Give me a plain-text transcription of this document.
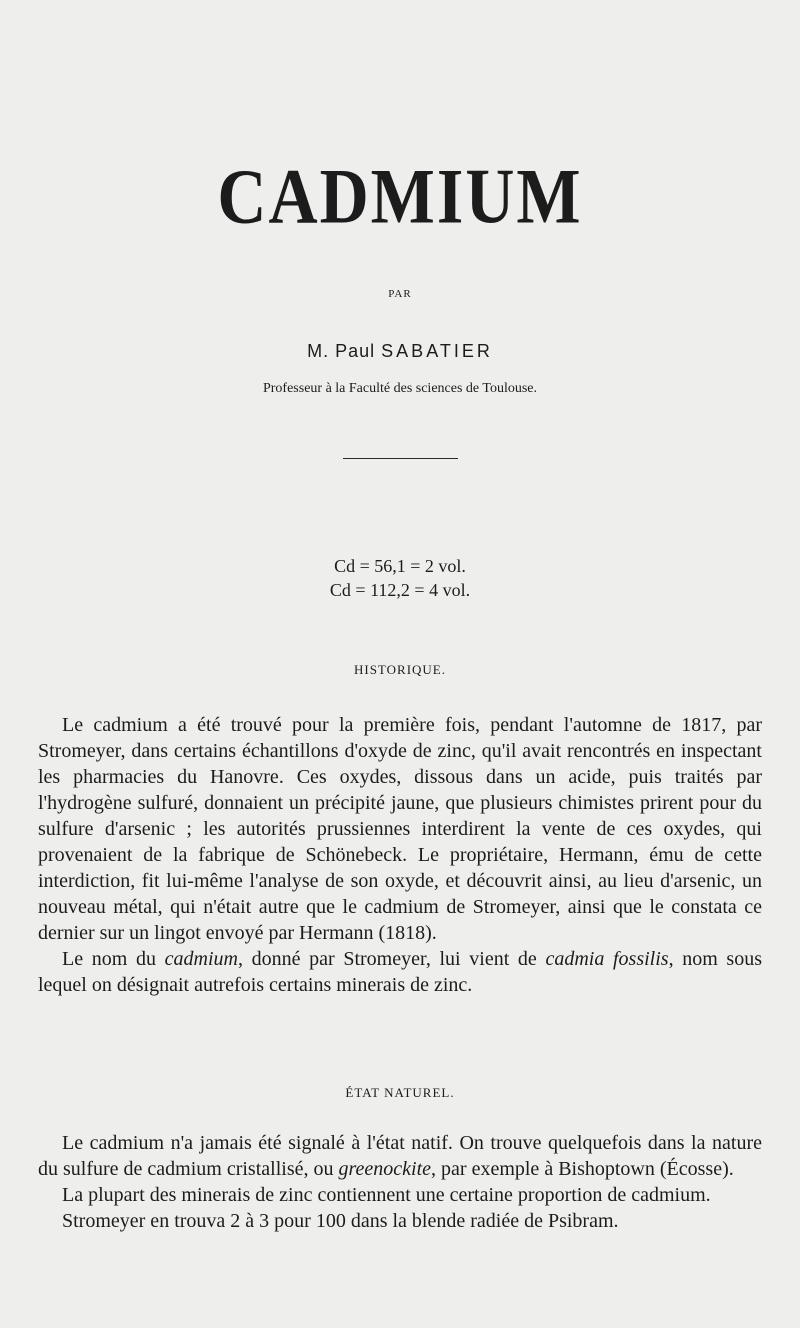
CADMIUM
PAR
M. Paul SABATIER
Professeur à la Faculté des sciences de Toulouse.
Cd = 56,1 = 2 vol.
Cd = 112,2 = 4 vol.
HISTORIQUE.

Le cadmium a été trouvé pour la première fois, pendant l'automne de 1817, par Stromeyer, dans certains échantillons d'oxyde de zinc, qu'il avait rencontrés en inspectant les pharmacies du Hanovre. Ces oxydes, dissous dans un acide, puis traités par l'hydrogène sulfuré, donnaient un précipité jaune, que plusieurs chimistes prirent pour du sulfure d'arsenic ; les autorités prussiennes interdirent la vente de ces oxydes, qui provenaient de la fabrique de Schönebeck. Le propriétaire, Hermann, ému de cette interdiction, fit lui-même l'analyse de son oxyde, et découvrit ainsi, au lieu d'arsenic, un nouveau métal, qui n'était autre que le cadmium de Stromeyer, ainsi que le constata ce dernier sur un lingot envoyé par Hermann (1818).

Le nom du cadmium, donné par Stromeyer, lui vient de cadmia fossilis, nom sous lequel on désignait autrefois certains minerais de zinc.

ÉTAT NATUREL.

Le cadmium n'a jamais été signalé à l'état natif. On trouve quelquefois dans la nature du sulfure de cadmium cristallisé, ou greenockite, par exemple à Bishoptown (Écosse).

La plupart des minerais de zinc contiennent une certaine proportion de cadmium.

Stromeyer en trouva 2 à 3 pour 100 dans la blende radiée de Psibram.
